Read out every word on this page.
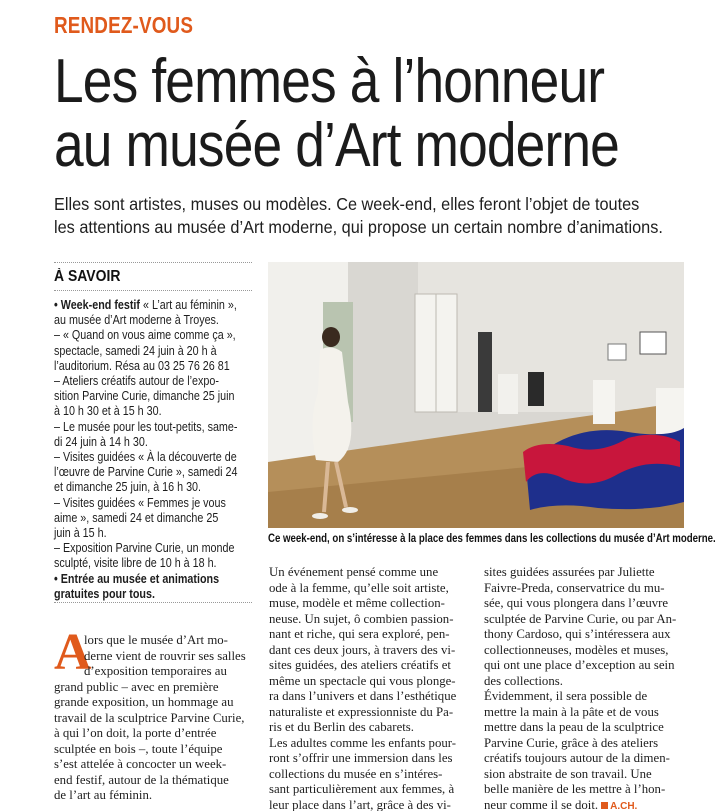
RENDEZ-VOUS
Les femmes à l’honneur
au musée d’Art moderne

Elles sont artistes, muses ou modèles. Ce week-end, elles feront l’objet de toutes
les attentions au musée d’Art moderne, qui propose un certain nombre d’animations.

À SAVOIR
• Week-end festif « L’art au féminin »,
au musée d’Art moderne à Troyes.
– « Quand on vous aime comme ça »,
spectacle, samedi 24 juin à 20 h à
l’auditorium. Résa au 03 25 76 26 81
– Ateliers créatifs autour de l’expo-
sition Parvine Curie, dimanche 25 juin
à 10 h 30 et à 15 h 30.
– Le musée pour les tout-petits, same-
di 24 juin à 14 h 30.
– Visites guidées « À la découverte de
l’œuvre de Parvine Curie », samedi 24
et dimanche 25 juin, à 16 h 30.
– Visites guidées « Femmes je vous
aime », samedi 24 et dimanche 25
juin à 15 h.
– Exposition Parvine Curie, un monde
sculpté, visite libre de 10 h à 18 h.
• Entrée au musée et animations
gratuites pour tous.
Ce week-end, on s’intéresse à la place des femmes dans les collections du musée d’Art moderne.
A
lors que le musée d’Art mo-
derne vient de rouvrir ses salles
d’exposition temporaires au
grand public – avec en première
grande exposition, un hommage au
travail de la sculptrice Parvine Curie,
à qui l’on doit, la porte d’entrée
sculptée en bois –, toute l’équipe
s’est attelée à concocter un week-
end festif, autour de la thématique
de l’art au féminin.
Un événement pensé comme une
ode à la femme, qu’elle soit artiste,
muse, modèle et même collection-
neuse. Un sujet, ô combien passion-
nant et riche, qui sera exploré, pen-
dant ces deux jours, à travers des vi-
sites guidées, des ateliers créatifs et
même un spectacle qui vous plonge-
ra dans l’univers et dans l’esthétique
naturaliste et expressionniste du Pa-
ris et du Berlin des cabarets.
Les adultes comme les enfants pour-
ront s’offrir une immersion dans les
collections du musée en s’intéres-
sant particulièrement aux femmes, à
leur place dans l’art, grâce à des vi-
sites guidées assurées par Juliette
Faivre-Preda, conservatrice du mu-
sée, qui vous plongera dans l’œuvre
sculptée de Parvine Curie, ou par An-
thony Cardoso, qui s’intéressera aux
collectionneuses, modèles et muses,
qui ont une place d’exception au sein
des collections.
Évidemment, il sera possible de
mettre la main à la pâte et de vous
mettre dans la peau de la sculptrice
Parvine Curie, grâce à des ateliers
créatifs toujours autour de la dimen-
sion abstraite de son travail. Une
belle manière de les mettre à l’hon-
neur comme il se doit. A.CH.
